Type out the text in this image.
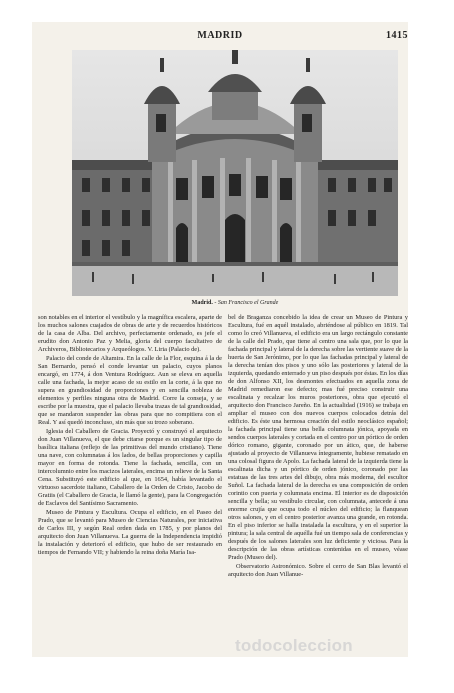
MADRID	1415
Madrid. - San Francisco el Grande

son notables en el interior el vestíbulo y la magnífica escalera, aparte de los muchos salones cuajados de obras de arte y de recuerdos históricos de la casa de Alba. Del archivo, perfectamente ordenado, es jefe el erudito don Antonio Paz y Melia, gloria del cuerpo facultativo de Archiveros, Bibliotecarios y Arqueólogos. V. Liria (Palacio de).

Palacio del conde de Altamira. En la calle de la Flor, esquina á la de San Bernardo, pensó el conde levantar un palacio, cuyos planos encargó, en 1774, á don Ventura Rodríguez. Aun se eleva en aquella calle una fachada, la mejor acaso de su estilo en la corte, á la que no supera en grandiosidad de proporciones y en sencilla nobleza de elementos y perfiles ninguna otra de Madrid. Corre la conseja, y se escribe por la muestra, que el palacio llevaba trazas de tal grandiosidad, que se mandaron suspender las obras para que no compitiera con el Real. Y así quedó inconcluso, sin más que su trozo soberano.

Iglesia del Caballero de Gracia. Proyectó y construyó el arquitecto don Juan Villanueva, el que debe citarse porque es un singular tipo de basílica italiana (reflejo de las primitivas del mundo cristiano). Tiene una nave, con columnatas á los lados, de bellas proporciones y capilla mayor en forma de rotonda. Tiene la fachada, sencilla, con un intercolumnio entre los macizos laterales, encima un relieve de la Santa Cena. Substituyó este edificio al que, en 1654, había levantado el virtuoso sacerdote italiano, Caballero de la Orden de Cristo, Jacobo de Gratiis (el Caballero de Gracia, le llamó la gente), para la Congregación de Esclavos del Santísimo Sacramento.

Museo de Pintura y Escultura. Ocupa el edificio, en el Paseo del Prado, que se levantó para Museo de Ciencias Naturales, por iniciativa de Carlos III, y según Real orden dada en 1785, y por planos del arquitecto don Juan Villanueva. La guerra de la Independencia impidió la instalación y deterioró el edificio, que hubo de ser restaurado en tiempos de Fernando VII; y habiendo la reina doña María Isa-

bel de Braganza concebido la idea de crear un Museo de Pintura y Escultura, fué en aquél instalado, abriéndose al público en 1819. Tal como lo creó Villanueva, el edificio era un largo rectángulo constante de la calle del Prado, que tiene al centro una sala que, por lo que la fachada principal y lateral de la derecha sobre las vertiente suave de la huerta de San Jerónimo, por lo que las fachadas principal y lateral de la derecha tenían dos pisos y uno sólo las posteriores y lateral de la izquierda, quedando enterrado y un piso después por éstas. En los días de don Alfonso XII, los desmontes efectuados en aquella zona de Madrid remediaron ese defecto; mas fué preciso construir una escalinata y recalzar los muros posteriores, obra que ejecutó el arquitecto don Francisco Jareño. En la actualidad (1916) se trabaja en ampliar el museo con dos nuevos cuerpos colocados detrás del edificio. Es éste una hermosa creación del estilo neoclásico español; la fachada principal tiene una bella columnata jónica, apoyada en sendos cuerpos laterales y cortada en el centro por un pórtico de orden dórico romano, gigante, coronado por un ático, que, de haberse ajustado al proyecto de Villanueva íntegramente, hubiese rematado en una colosal figura de Apolo. La fachada lateral de la izquierda tiene la escalinata dicha y un pórtico de orden jónico, coronado por las estatuas de las tres artes del dibujo, obra más moderna, del escultor Suñol. La fachada lateral de la derecha es una composición de orden corintio con puerta y columnata encima. El interior es de disposición sencilla y bella; su vestíbulo circular, con columnata, antecede á una enorme crujía que ocupa todo el núcleo del edificio; la flanquean otros salones, y en el centro posterior avanza una grande, en rotonda. En el piso inferior se halla instalada la escultura, y en el superior la pintura; la sala central de aquélla fué un tiempo sala de conferencias y después de los salones laterales son luz deficiente y viciosa. Para la descripción de las obras artísticas contenidas en el museo, véase Prado (Museo del).

Observatorio Astronómico. Sobre el cerro de San Blas levantó el arquitecto don Juan Villanue-

todocoleccion
